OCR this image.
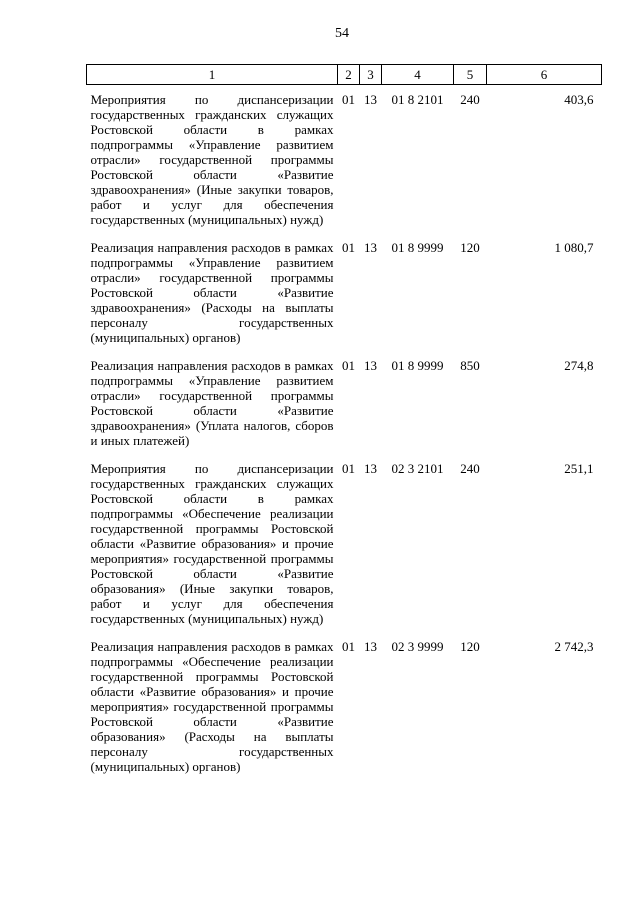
54
1	2	3	4	5	6
Мероприятия по диспансеризации государственных гражданских служащих Ростовской области в рамках подпрограммы «Управление развитием отрасли» государственной программы Ростовской области «Развитие здравоохранения» (Иные закупки товаров, работ и услуг для обеспечения государственных (муниципальных) нужд)	01	13	01 8 2101	240	403,6
Реализация направления расходов в рамках подпрограммы «Управление развитием отрасли» государственной программы Ростовской области «Развитие здравоохранения» (Расходы на выплаты персоналу государственных (муниципальных) органов)	01	13	01 8 9999	120	1 080,7
Реализация направления расходов в рамках подпрограммы «Управление развитием отрасли» государственной программы Ростовской области «Развитие здравоохранения» (Уплата налогов, сборов и иных платежей)	01	13	01 8 9999	850	274,8
Мероприятия по диспансеризации государственных гражданских служащих Ростовской области в рамках подпрограммы «Обеспечение реализации государственной программы Ростовской области «Развитие образования» и прочие мероприятия» государственной программы Ростовской области «Развитие образования» (Иные закупки товаров, работ и услуг для обеспечения государственных (муниципальных) нужд)	01	13	02 3 2101	240	251,1
Реализация направления расходов в рамках подпрограммы «Обеспечение реализации государственной программы Ростовской области «Развитие образования» и прочие мероприятия» государственной программы Ростовской области «Развитие образования» (Расходы на выплаты персоналу государственных (муниципальных) органов)	01	13	02 3 9999	120	2 742,3
